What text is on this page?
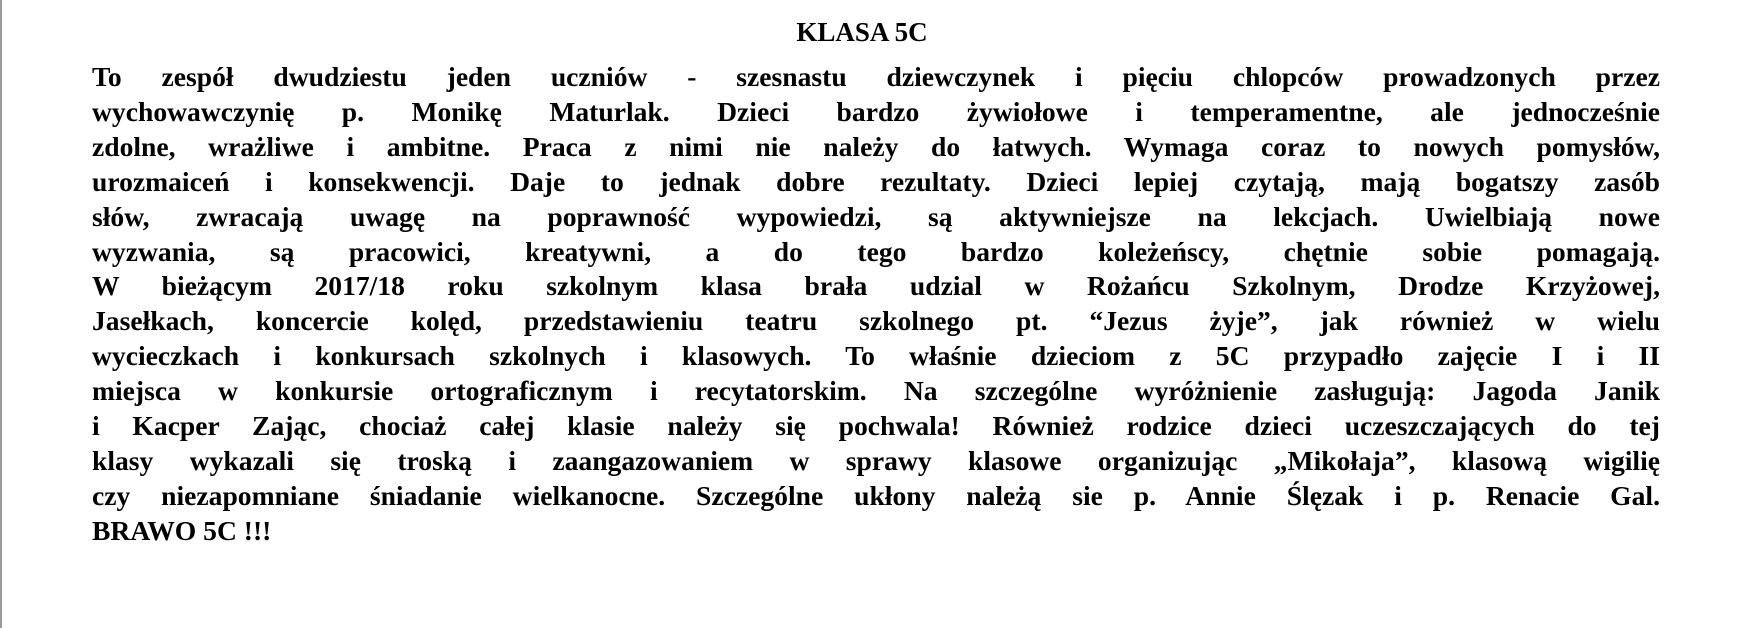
KLASA 5C
To zespół dwudziestu jeden uczniów - szesnastu dziewczynek i pięciu chlopców prowadzonych przez
wychowawczynię p. Monikę Maturlak. Dzieci bardzo żywiołowe i temperamentne, ale jednocześnie
zdolne, wrażliwe i ambitne. Praca z nimi nie należy do łatwych. Wymaga coraz to nowych pomysłów,
urozmaiceń i konsekwencji. Daje to jednak dobre rezultaty. Dzieci lepiej czytają, mają bogatszy zasób
słów, zwracają uwagę na poprawność wypowiedzi, są aktywniejsze na lekcjach. Uwielbiają nowe
wyzwania, są pracowici, kreatywni, a do tego bardzo koleżeńscy, chętnie sobie pomagają.
W bieżącym 2017/18 roku szkolnym klasa brała udzial w Rożańcu Szkolnym, Drodze Krzyżowej,
Jasełkach, koncercie kolęd, przedstawieniu teatru szkolnego pt. “Jezus żyje”, jak również w wielu
wycieczkach i konkursach szkolnych i klasowych. To właśnie dzieciom z 5C przypadło zajęcie I i II
miejsca w konkursie ortograficznym i recytatorskim. Na szczególne wyróżnienie zasługują: Jagoda Janik
i Kacper Zając, chociaż całej klasie należy się pochwala! Również rodzice dzieci uczeszczających do tej
klasy wykazali się troską i zaangazowaniem w sprawy klasowe organizując „Mikołaja”, klasową wigilię
czy niezapomniane śniadanie wielkanocne. Szczególne ukłony należą sie p. Annie Ślęzak i p. Renacie Gal.
BRAWO 5C !!!
